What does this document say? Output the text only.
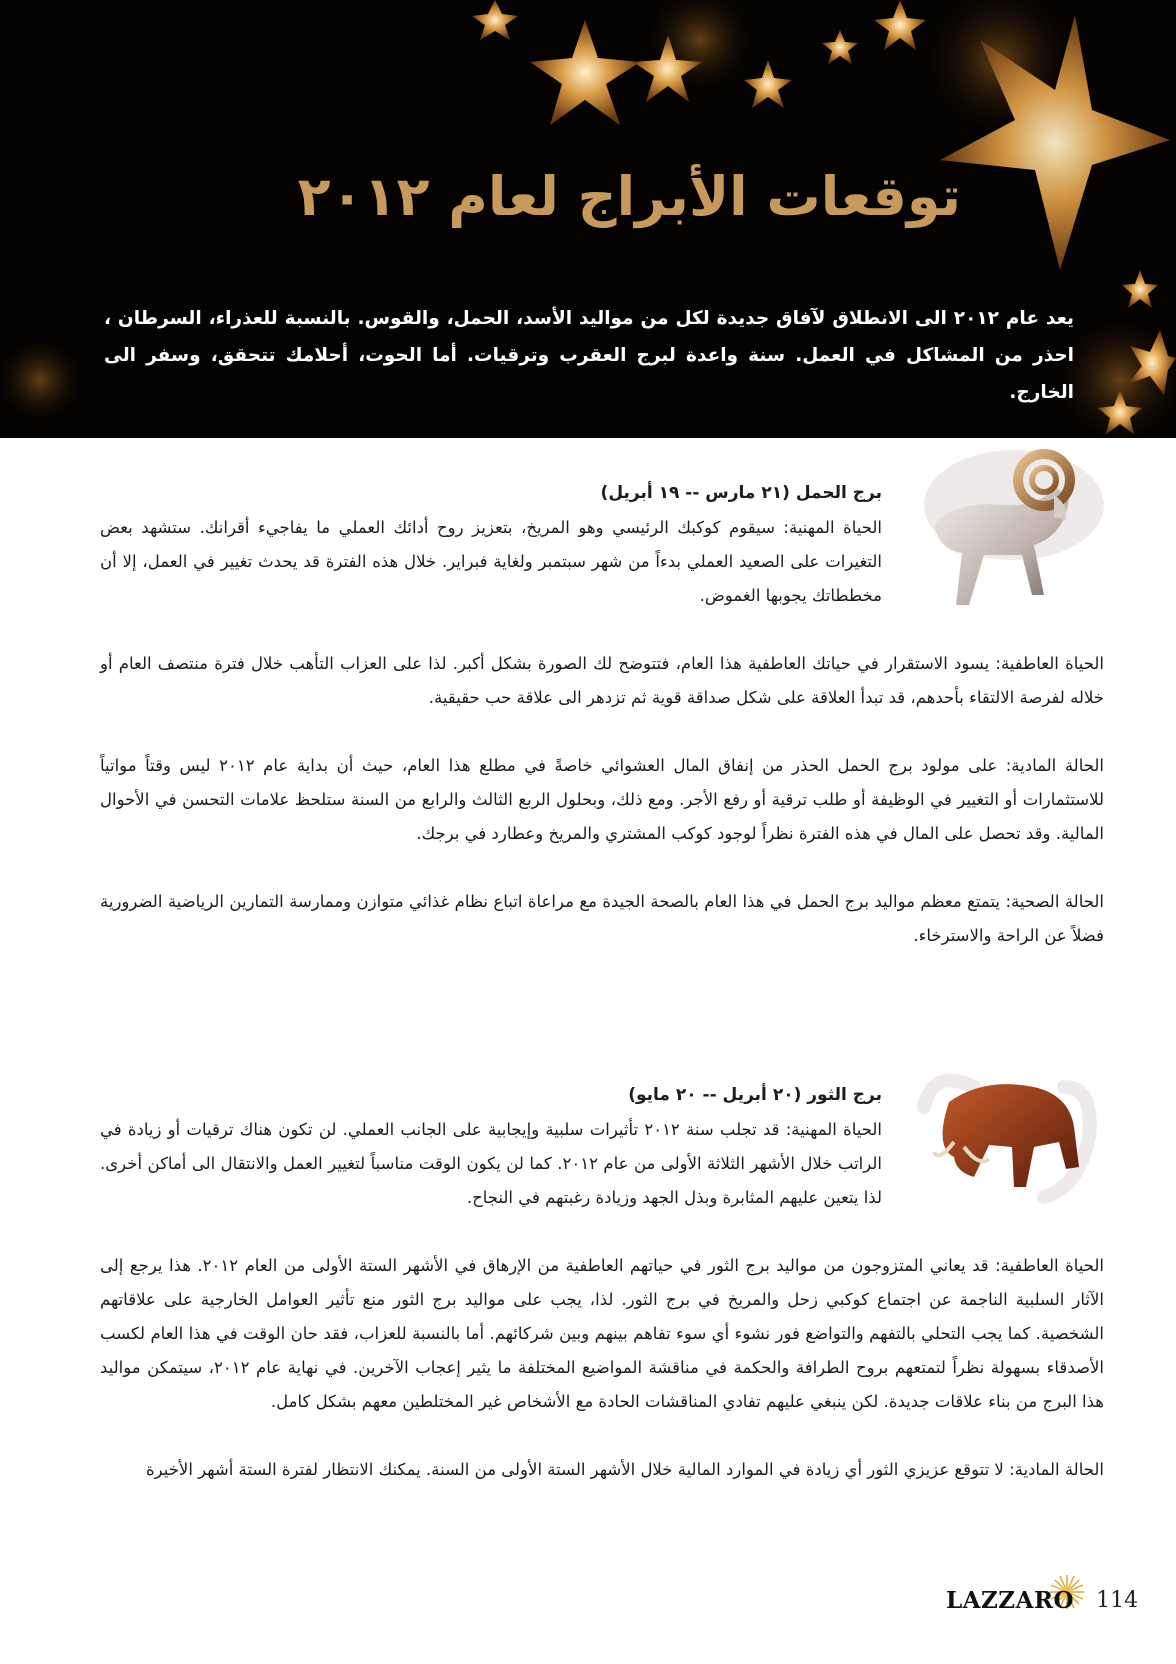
توقعات الأبراج لعام ٢٠١٢

يعد عام ٢٠١٢ الى الانطلاق لآفاق جديدة لكل من مواليد الأسد، الحمل، والقوس. بالنسبة للعذراء، السرطان ، احذر من المشاكل في العمل. سنة واعدة لبرج العقرب وترقيات. أما الحوت، أحلامك تتحقق، وسفر الى الخارج.

برج الحمل (٢١ مارس -- ١٩ أبريل)

الحياة المهنية: سيقوم كوكبك الرئيسي وهو المريخ، بتعزيز روح أدائك العملي ما يفاجيء أقرانك. ستشهد بعض التغيرات على الصعيد العملي بدءاً من شهر سبتمبر ولغاية فبراير. خلال هذه الفترة قد يحدث تغيير في العمل، إلا أن مخططاتك يجوبها الغموض.

الحياة العاطفية: يسود الاستقرار في حياتك العاطفية هذا العام، فتتوضح لك الصورة بشكل أكبر. لذا على العزاب التأهب خلال فترة منتصف العام أو خلاله لفرصة الالتقاء بأحدهم، قد تبدأ العلاقة على شكل صداقة قوية ثم تزدهر الى علاقة حب حقيقية.

الحالة المادية: على مولود برج الحمل الحذر من إنفاق المال العشوائي خاصةً في مطلع هذا العام، حيث أن بداية عام ٢٠١٢ ليس وقتاً مواتياً للاستثمارات أو التغيير في الوظيفة أو طلب ترقية أو رفع الأجر. ومع ذلك، وبحلول الربع الثالث والرابع من السنة ستلحظ علامات التحسن في الأحوال المالية. وقد تحصل على المال في هذه الفترة نظراً لوجود كوكب المشتري والمريخ وعطارد في برجك.

الحالة الصحية: يتمتع معظم مواليد برج الحمل في هذا العام بالصحة الجيدة مع مراعاة اتباع نظام غذائي متوازن وممارسة التمارين الرياضية الضرورية فضلاً عن الراحة والاسترخاء.

برج الثور (٢٠ أبريل -- ٢٠ مايو)

الحياة المهنية: قد تجلب سنة ٢٠١٢ تأثيرات سلبية وإيجابية على الجانب العملي. لن تكون هناك ترقيات أو زيادة في الراتب خلال الأشهر الثلاثة الأولى من عام ٢٠١٢. كما لن يكون الوقت مناسباً لتغيير العمل والانتقال الى أماكن أخرى. لذا يتعين عليهم المثابرة وبذل الجهد وزيادة رغبتهم في النجاح.

الحياة العاطفية: قد يعاني المتزوجون من مواليد برج الثور في حياتهم العاطفية من الإرهاق في الأشهر الستة الأولى من العام ٢٠١٢. هذا يرجع إلى الآثار السلبية الناجمة عن اجتماع كوكبي زحل والمريخ في برج الثور. لذا، يجب على مواليد برج الثور منع تأثير العوامل الخارجية على علاقاتهم الشخصية. كما يجب التحلي بالتفهم والتواضع فور نشوء أي سوء تفاهم بينهم وبين شركائهم. أما بالنسبة للعزاب، فقد حان الوقت في هذا العام لكسب الأصدقاء بسهولة نظراً لتمتعهم بروح الطرافة والحكمة في مناقشة المواضيع المختلفة ما يثير إعجاب الآخرين. في نهاية عام ٢٠١٢، سيتمكن مواليد هذا البرج من بناء علاقات جديدة. لكن ينبغي عليهم تفادي المناقشات الحادة مع الأشخاص غير المختلطين معهم بشكل كامل.

الحالة المادية: لا تتوقع عزيزي الثور أي زيادة في الموارد المالية خلال الأشهر الستة الأولى من السنة. يمكنك الانتظار لفترة الستة أشهر الأخيرة

LAZZARO 114
